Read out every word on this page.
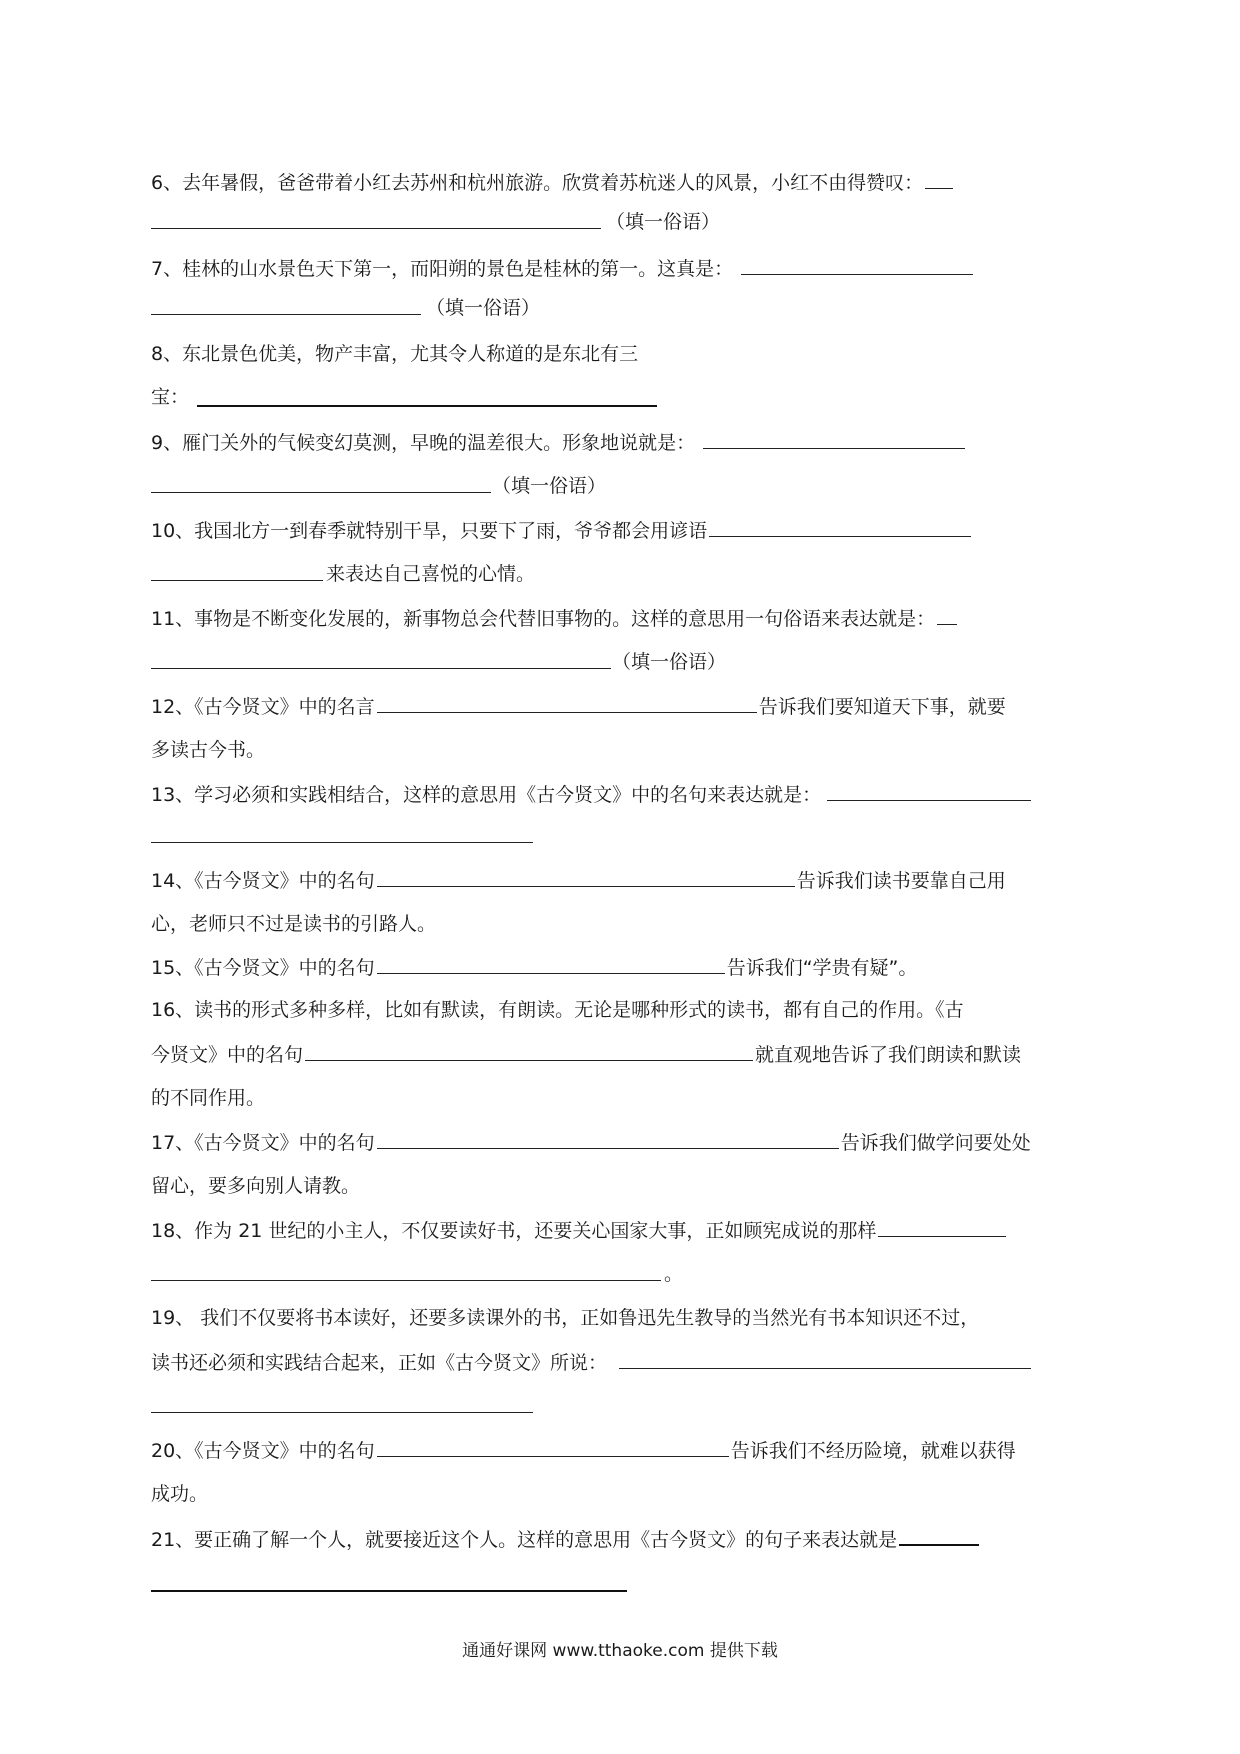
6、去年暑假，爸爸带着小红去苏州和杭州旅游。欣赏着苏杭迷人的风景，小红不由得赞叹：
（填一俗语）
7、桂林的山水景色天下第一，而阳朔的景色是桂林的第一。这真是：
（填一俗语）
8、东北景色优美，物产丰富，尤其令人称道的是东北有三
宝：
9、雁门关外的气候变幻莫测，早晚的温差很大。形象地说就是：
（填一俗语）
10、我国北方一到春季就特别干旱，只要下了雨，爷爷都会用谚语
来表达自己喜悦的心情。
11、事物是不断变化发展的，新事物总会代替旧事物的。这样的意思用一句俗语来表达就是：
（填一俗语）
12、《古今贤文》中的名言	告诉我们要知道天下事，就要
多读古今书。
13、学习必须和实践相结合，这样的意思用《古今贤文》中的名句来表达就是：
14、《古今贤文》中的名句	告诉我们读书要靠自己用
心，老师只不过是读书的引路人。
15、《古今贤文》中的名句	告诉我们“学贵有疑”。
16、读书的形式多种多样，比如有默读，有朗读。无论是哪种形式的读书，都有自己的作用。《古
今贤文》中的名句	就直观地告诉了我们朗读和默读
的不同作用。
17、《古今贤文》中的名句	告诉我们做学问要处处
留心，要多向别人请教。
18、作为 21 世纪的小主人，不仅要读好书，还要关心国家大事，正如顾宪成说的那样
。
19、 我们不仅要将书本读好，还要多读课外的书，正如鲁迅先生教导的当然光有书本知识还不过，
读书还必须和实践结合起来，正如《古今贤文》所说：
20、《古今贤文》中的名句	告诉我们不经历险境，就难以获得
成功。
21、要正确了解一个人，就要接近这个人。这样的意思用《古今贤文》的句子来表达就是
通通好课网 www.tthaoke.com 提供下载
